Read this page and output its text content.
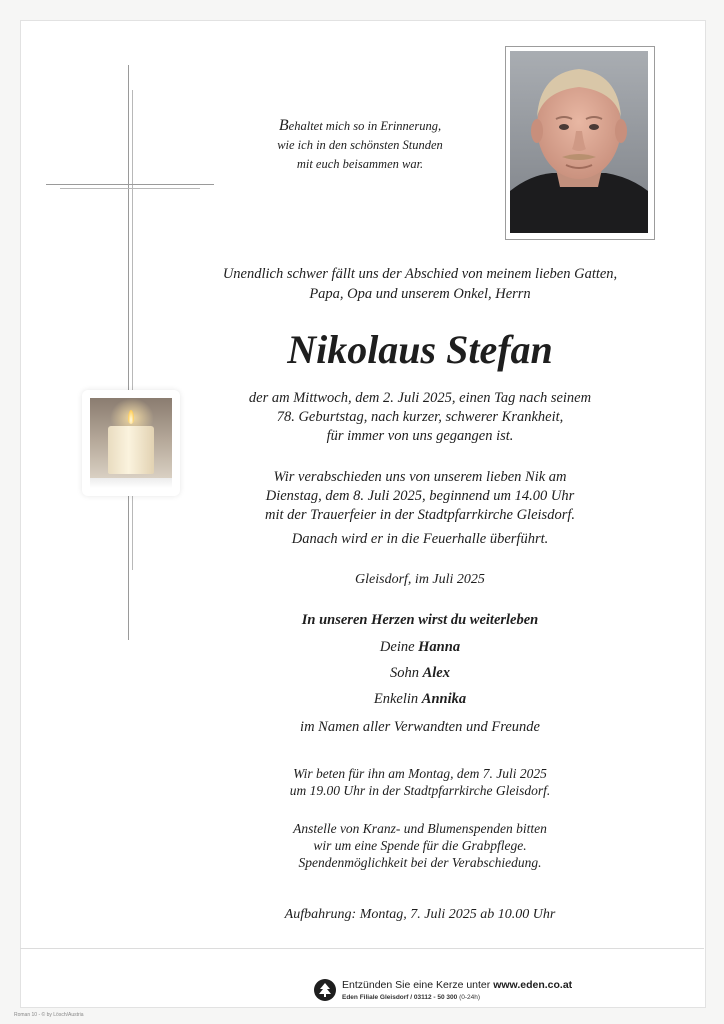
Behaltet mich so in Erinnerung,
wie ich in den schönsten Stunden
mit euch beisammen war.
Unendlich schwer fällt uns der Abschied von meinem lieben Gatten,
Papa, Opa und unserem Onkel, Herrn
Nikolaus Stefan
der am Mittwoch, dem 2. Juli 2025, einen Tag nach seinem
78. Geburtstag, nach kurzer, schwerer Krankheit,
für immer von uns gegangen ist.
Wir verabschieden uns von unserem lieben Nik am
Dienstag, dem 8. Juli 2025, beginnend um 14.00 Uhr
mit der Trauerfeier in der Stadtpfarrkirche Gleisdorf.
Danach wird er in die Feuerhalle überführt.
Gleisdorf, im Juli 2025
In unseren Herzen wirst du weiterleben
Deine Hanna
Sohn Alex
Enkelin Annika
im Namen aller Verwandten und Freunde
Wir beten für ihn am Montag, dem 7. Juli 2025
um 19.00 Uhr in der Stadtpfarrkirche Gleisdorf.
Anstelle von Kranz- und Blumenspenden bitten
wir um eine Spende für die Grabpflege.
Spendenmöglichkeit bei der Verabschiedung.
Aufbahrung: Montag, 7. Juli 2025 ab 10.00 Uhr
Entzünden Sie eine Kerze unter www.eden.co.at
Eden Filiale Gleisdorf / 03112 - 50 300 (0-24h)
Roman 10 - © by Lösch/Austria
